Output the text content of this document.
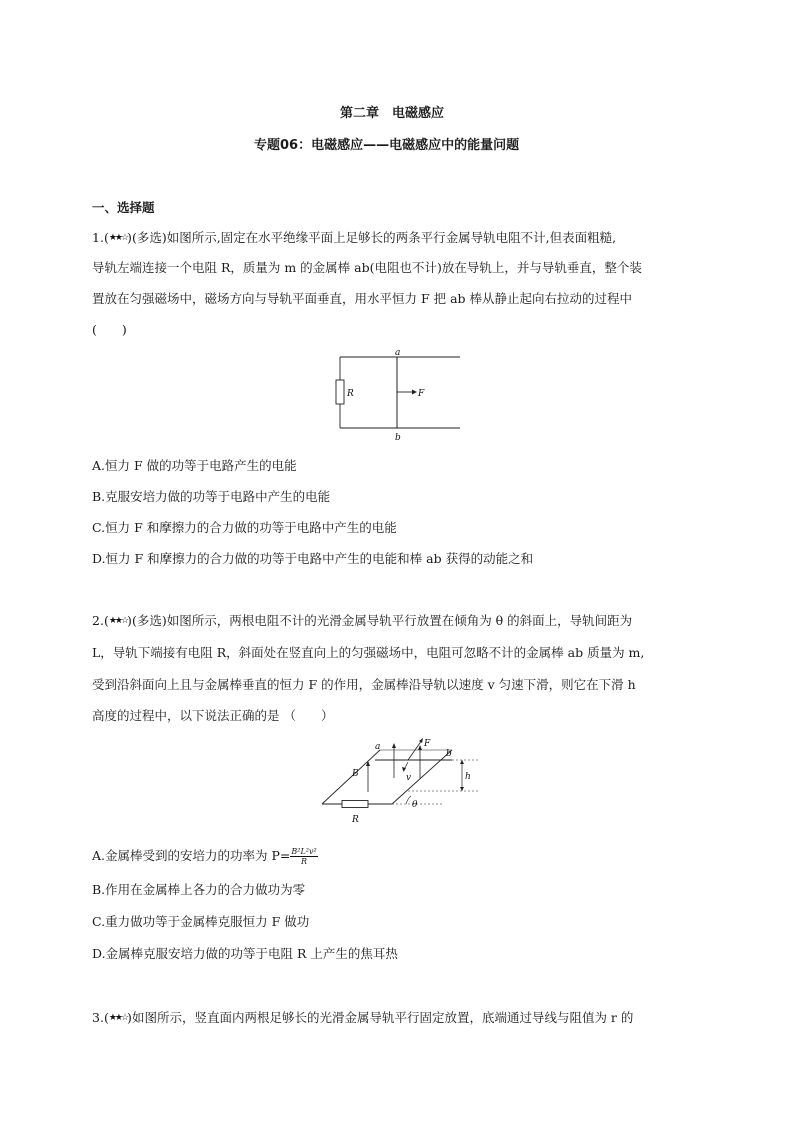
第二章　电磁感应
专题06：电磁感应——电磁感应中的能量问题
一、选择题
1.(★★☆)(多选)如图所示,固定在水平绝缘平面上足够长的两条平行金属导轨电阻不计,但表面粗糙,
导轨左端连接一个电阻 R，质量为 m 的金属棒 ab(电阻也不计)放在导轨上，并与导轨垂直，整个装
置放在匀强磁场中，磁场方向与导轨平面垂直，用水平恒力 F 把 ab 棒从静止起向右拉动的过程中
(　　)
R	F
a
b
A.恒力 F 做的功等于电路产生的电能
B.克服安培力做的功等于电路中产生的电能
C.恒力 F 和摩擦力的合力做的功等于电路中产生的电能
D.恒力 F 和摩擦力的合力做的功等于电路中产生的电能和棒 ab 获得的动能之和
2.(★★☆)(多选)如图所示，两根电阻不计的光滑金属导轨平行放置在倾角为 θ 的斜面上，导轨间距为
L，导轨下端接有电阻 R，斜面处在竖直向上的匀强磁场中，电阻可忽略不计的金属棒 ab 质量为 m,
受到沿斜面向上且与金属棒垂直的恒力 F 的作用，金属棒沿导轨以速度 v 匀速下滑，则它在下滑 h
高度的过程中，以下说法正确的是 （　　）
a
b
B
F
v	h
R
θ
A.金属棒受到的安培力的功率为 $P= \frac{\text{B²L²v²}}{R}$
B.作用在金属棒上各力的合力做功为零
C.重力做功等于金属棒克服恒力 F 做功
D.金属棒克服安培力做的功等于电阻 R 上产生的焦耳热
3.(★★☆)如图所示，竖直面内两根足够长的光滑金属导轨平行固定放置，底端通过导线与阻值为 r 的
